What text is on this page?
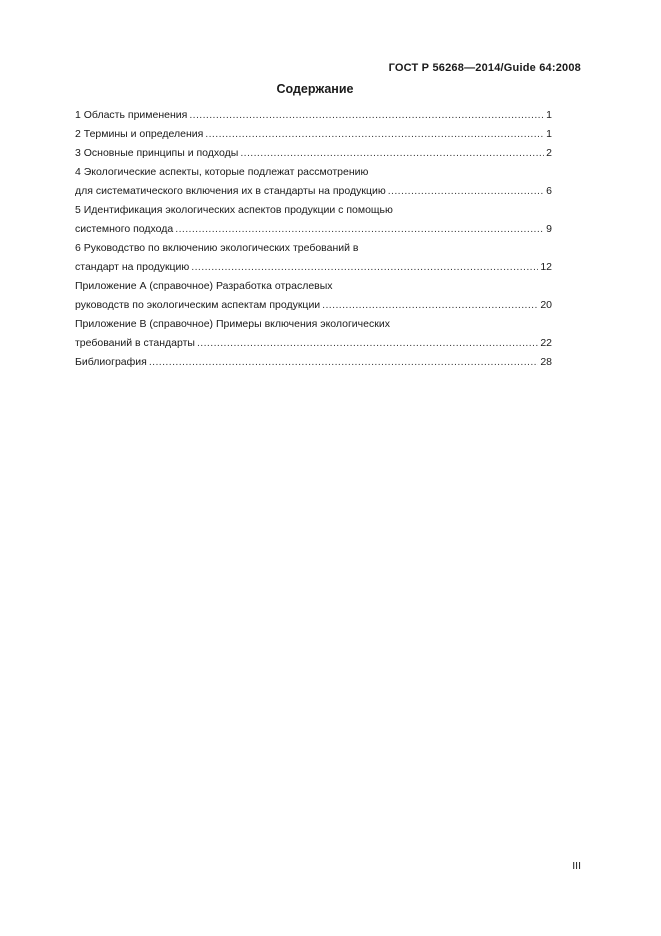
ГОСТ Р 56268—2014/Guide 64:2008
Содержание
1 Область применения .....	1
2 Термины и определения .....	1
3 Основные принципы и подходы .....	2
4 Экологические аспекты, которые подлежат рассмотрению
для систематического включения их в стандарты на продукцию .....	6
5 Идентификация экологических аспектов продукции с помощью
системного подхода .....	9
6 Руководство по включению экологических требований в
стандарт на продукцию .....	12
Приложение А (справочное) Разработка отраслевых
руководств по экологическим аспектам продукции .....	20
Приложение В (справочное) Примеры включения экологических
требований в стандарты .....	22
Библиография .....	28
III
